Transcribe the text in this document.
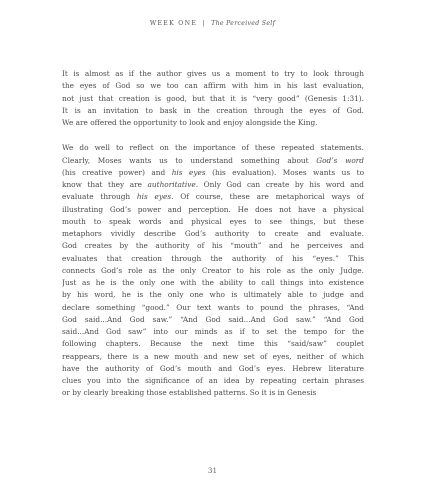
WEEK ONE | The Perceived Self

It is almost as if the author gives us a moment to try to look through
the eyes of God so we too can affirm with him in his last evaluation,
not just that creation is good, but that it is “very good” (Genesis 1:31).
It is an invitation to bask in the creation through the eyes of God.
We are offered the opportunity to look and enjoy alongside the King.

We do well to reflect on the importance of these repeated statements.
Clearly, Moses wants us to understand something about God’s word
(his creative power) and his eyes (his evaluation). Moses wants us to
know that they are authoritative. Only God can create by his word and
evaluate through his eyes. Of course, these are metaphorical ways of
illustrating God’s power and perception. He does not have a physical
mouth to speak words and physical eyes to see things, but these
metaphors vividly describe God’s authority to create and evaluate.
God creates by the authority of his “mouth” and he perceives and
evaluates that creation through the authority of his “eyes.” This
connects God’s role as the only Creator to his role as the only Judge.
Just as he is the only one with the ability to call things into existence
by his word, he is the only one who is ultimately able to judge and
declare something “good.” Our text wants to pound the phrases, “And
God said...And God saw.” “And God said...And God saw.” “And God
said...And God saw” into our minds as if to set the tempo for the
following chapters. Because the next time this “said/saw” couplet
reappears, there is a new mouth and new set of eyes, neither of which
have the authority of God’s mouth and God’s eyes. Hebrew literature
clues you into the significance of an idea by repeating certain phrases
or by clearly breaking those established patterns. So it is in Genesis

31
